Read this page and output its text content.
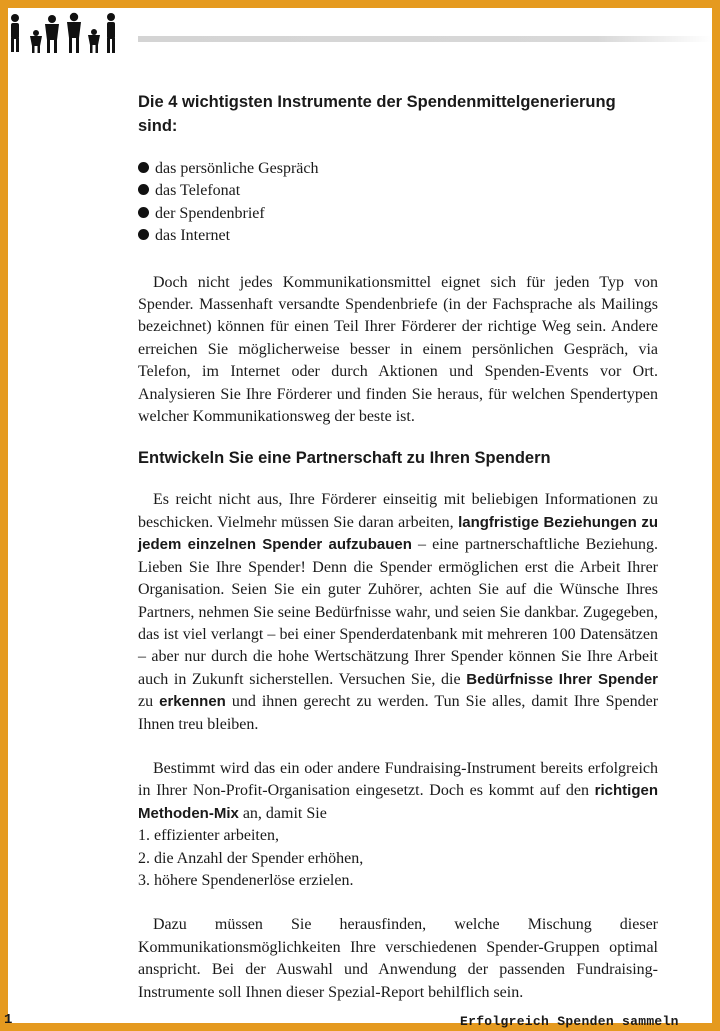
Die 4 wichtigsten Instrumente der Spendenmittelgenerierung sind:
das persönliche Gespräch
das Telefonat
der Spendenbrief
das Internet

Doch nicht jedes Kommunikationsmittel eignet sich für jeden Typ von Spender. Massenhaft versandte Spendenbriefe (in der Fachsprache als Mailings bezeichnet) können für einen Teil Ihrer Förderer der richtige Weg sein. Andere erreichen Sie möglicherweise besser in einem persönlichen Gespräch, via Telefon, im Internet oder durch Aktionen und Spenden-Events vor Ort. Analysieren Sie Ihre Förderer und finden Sie heraus, für welchen Spendertypen welcher Kommunikationsweg der beste ist.

Entwickeln Sie eine Partnerschaft zu Ihren Spendern

Es reicht nicht aus, Ihre Förderer einseitig mit beliebigen Informationen zu beschicken. Vielmehr müssen Sie daran arbeiten, langfristige Beziehungen zu jedem einzelnen Spender aufzubauen – eine partnerschaftliche Beziehung. Lieben Sie Ihre Spender! Denn die Spender ermöglichen erst die Arbeit Ihrer Organisation. Seien Sie ein guter Zuhörer, achten Sie auf die Wünsche Ihres Partners, nehmen Sie seine Bedürfnisse wahr, und seien Sie dankbar. Zugegeben, das ist viel verlangt – bei einer Spenderdatenbank mit mehreren 100 Datensätzen – aber nur durch die hohe Wertschätzung Ihrer Spender können Sie Ihre Arbeit auch in Zukunft sicherstellen. Versuchen Sie, die Bedürfnisse Ihrer Spender zu erkennen und ihnen gerecht zu werden. Tun Sie alles, damit Ihre Spender Ihnen treu bleiben.

Bestimmt wird das ein oder andere Fundraising-Instrument bereits erfolgreich in Ihrer Non-Profit-Organisation eingesetzt. Doch es kommt auf den richtigen Methoden-Mix an, damit Sie

1. effizienter arbeiten,
2. die Anzahl der Spender erhöhen,
3. höhere Spendenerlöse erzielen.

Dazu müssen Sie herausfinden, welche Mischung dieser Kommunikationsmöglichkeiten Ihre verschiedenen Spender-Gruppen optimal anspricht. Bei der Auswahl und Anwendung der passenden Fundraising-Instrumente soll Ihnen dieser Spezial-Report behilflich sein.

1	Erfolgreich Spenden sammeln
